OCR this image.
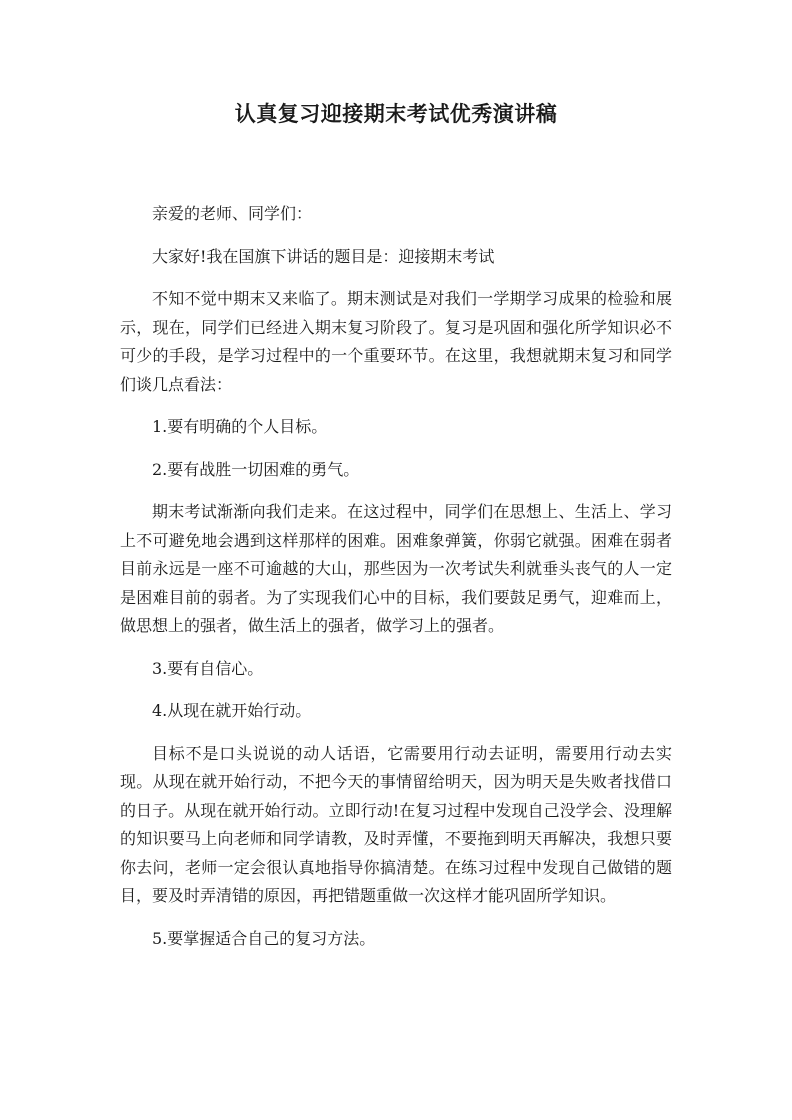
认真复习迎接期末考试优秀演讲稿

亲爱的老师、同学们：

大家好!我在国旗下讲话的题目是：迎接期末考试

不知不觉中期末又来临了。期末测试是对我们一学期学习成果的检验和展示，现在，同学们已经进入期末复习阶段了。复习是巩固和强化所学知识必不可少的手段，是学习过程中的一个重要环节。在这里，我想就期末复习和同学们谈几点看法：

1.要有明确的个人目标。

2.要有战胜一切困难的勇气。

期末考试渐渐向我们走来。在这过程中，同学们在思想上、生活上、学习上不可避免地会遇到这样那样的困难。困难象弹簧，你弱它就强。困难在弱者目前永远是一座不可逾越的大山，那些因为一次考试失利就垂头丧气的人一定是困难目前的弱者。为了实现我们心中的目标，我们要鼓足勇气，迎难而上，做思想上的强者，做生活上的强者，做学习上的强者。

3.要有自信心。

4.从现在就开始行动。

目标不是口头说说的动人话语，它需要用行动去证明，需要用行动去实现。从现在就开始行动，不把今天的事情留给明天，因为明天是失败者找借口的日子。从现在就开始行动。立即行动!在复习过程中发现自己没学会、没理解的知识要马上向老师和同学请教，及时弄懂，不要拖到明天再解决，我想只要你去问，老师一定会很认真地指导你搞清楚。在练习过程中发现自己做错的题目，要及时弄清错的原因，再把错题重做一次这样才能巩固所学知识。

5.要掌握适合自己的复习方法。
